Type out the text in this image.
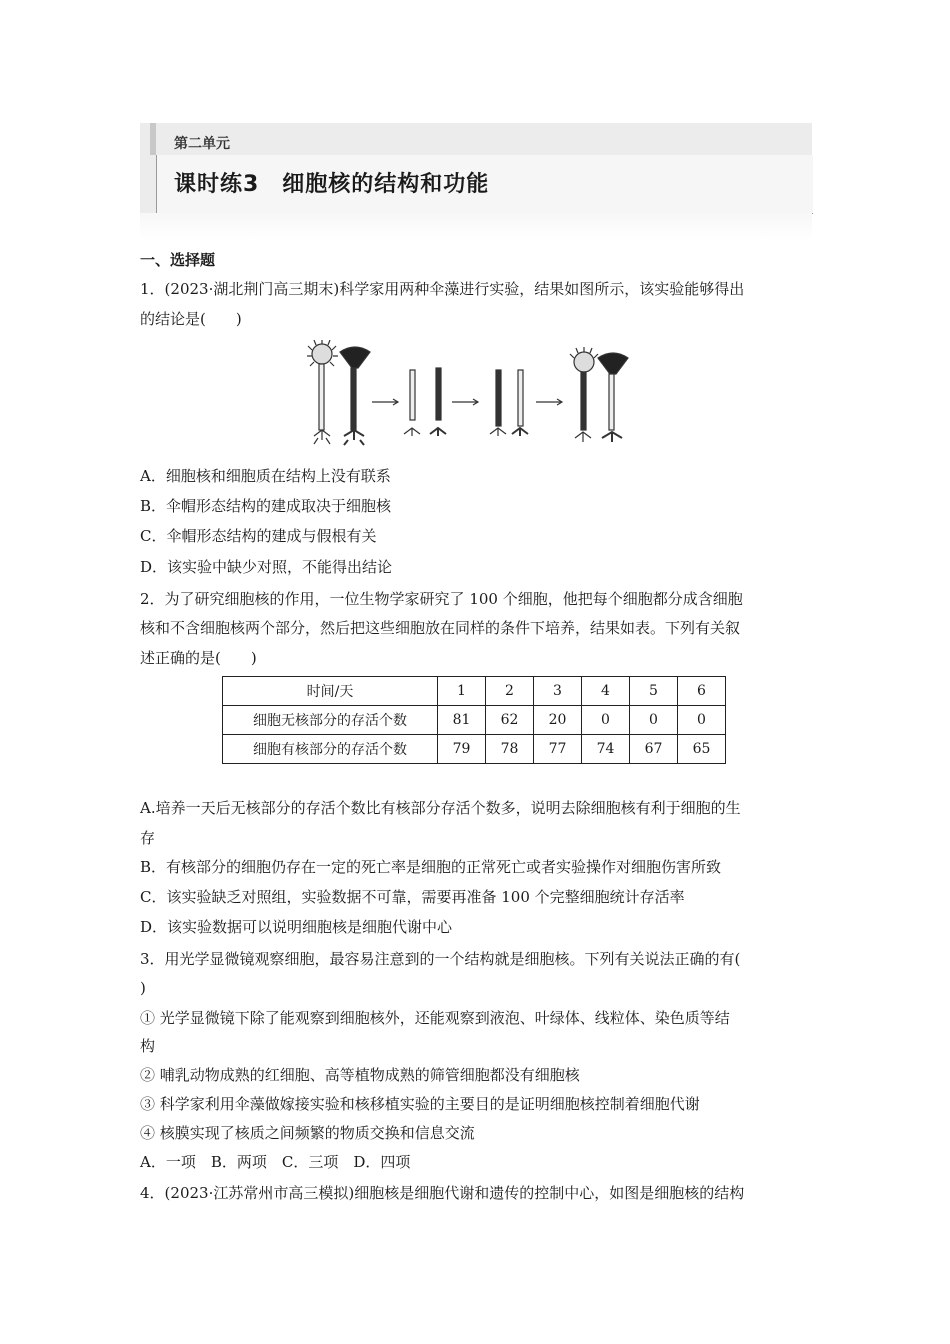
第二单元
课时练3　细胞核的结构和功能
一、选择题
1．(2023·湖北荆门高三期末)科学家用两种伞藻进行实验，结果如图所示，该实验能够得出
的结论是(　　)
A．细胞核和细胞质在结构上没有联系
B．伞帽形态结构的建成取决于细胞核
C．伞帽形态结构的建成与假根有关
D．该实验中缺少对照，不能得出结论
2．为了研究细胞核的作用，一位生物学家研究了 100 个细胞，他把每个细胞都分成含细胞
核和不含细胞核两个部分，然后把这些细胞放在同样的条件下培养，结果如表。下列有关叙
述正确的是(　　)
时间/天	1	2	3	4	5	6
细胞无核部分的存活个数	81	62	20	0	0	0
细胞有核部分的存活个数	79	78	77	74	67	65
A.培养一天后无核部分的存活个数比有核部分存活个数多，说明去除细胞核有利于细胞的生
存
B．有核部分的细胞仍存在一定的死亡率是细胞的正常死亡或者实验操作对细胞伤害所致
C．该实验缺乏对照组，实验数据不可靠，需要再准备 100 个完整细胞统计存活率
D．该实验数据可以说明细胞核是细胞代谢中心
3．用光学显微镜观察细胞，最容易注意到的一个结构就是细胞核。下列有关说法正确的有(
)
① 光学显微镜下除了能观察到细胞核外，还能观察到液泡、叶绿体、线粒体、染色质等结
构
② 哺乳动物成熟的红细胞、高等植物成熟的筛管细胞都没有细胞核
③ 科学家利用伞藻做嫁接实验和核移植实验的主要目的是证明细胞核控制着细胞代谢
④ 核膜实现了核质之间频繁的物质交换和信息交流
A．一项　B．两项　C．三项　D．四项
4．(2023·江苏常州市高三模拟)细胞核是细胞代谢和遗传的控制中心，如图是细胞核的结构
